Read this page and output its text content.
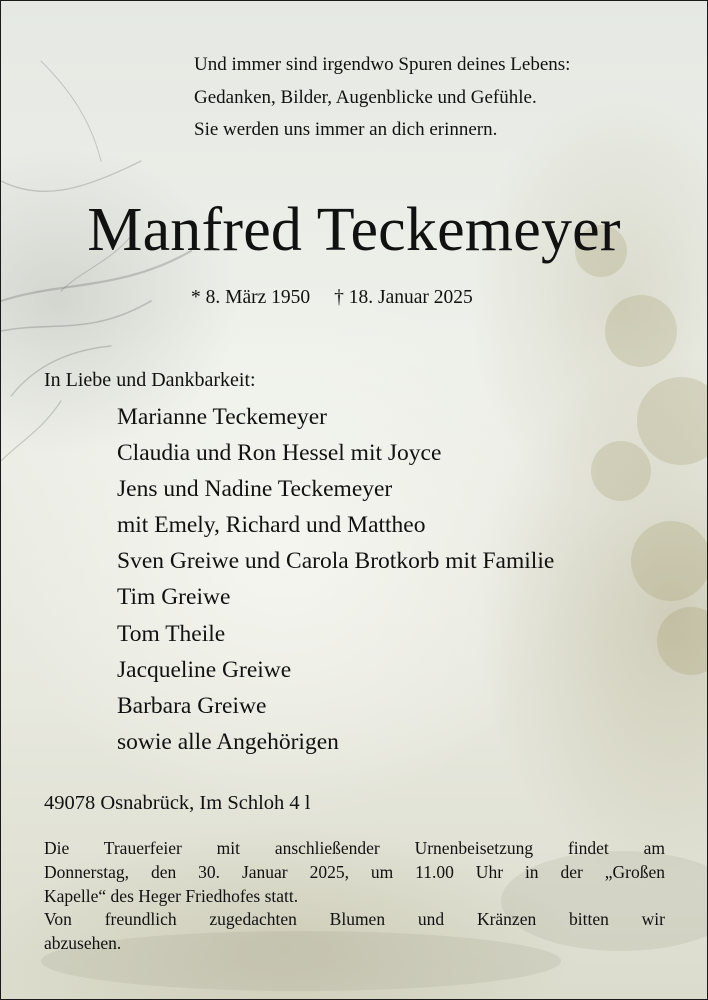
Und immer sind irgendwo Spuren deines Lebens:
Gedanken, Bilder, Augenblicke und Gefühle.
Sie werden uns immer an dich erinnern.
Manfred Teckemeyer
* 8. März 1950 † 18. Januar 2025
In Liebe und Dankbarkeit:
Marianne Teckemeyer
Claudia und Ron Hessel mit Joyce
Jens und Nadine Teckemeyer
mit Emely, Richard und Mattheo
Sven Greiwe und Carola Brotkorb mit Familie
Tim Greiwe
Tom Theile
Jacqueline Greiwe
Barbara Greiwe
sowie alle Angehörigen
49078 Osnabrück, Im Schloh 4 l
Die Trauerfeier mit anschließender Urnenbeisetzung findet am
Donnerstag, den 30. Januar 2025, um 11.00 Uhr in der „Großen
Kapelle“ des Heger Friedhofes statt.
Von freundlich zugedachten Blumen und Kränzen bitten wir
abzusehen.
